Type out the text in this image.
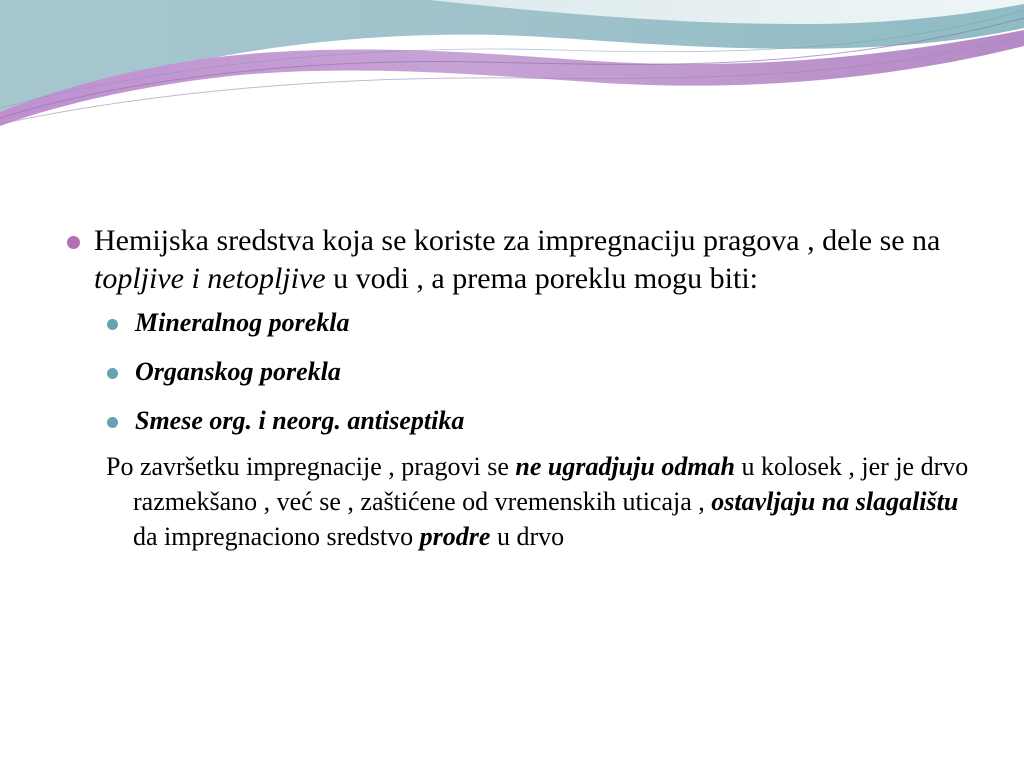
Hemijska sredstva koja se koriste za impregnaciju pragova , dele se na topljive i netopljive u vodi , a prema poreklu mogu biti:

Mineralnog porekla
Organskog porekla
Smese org. i neorg. antiseptika

Po završetku impregnacije , pragovi se ne ugradjuju odmah u kolosek , jer je drvo razmekšano , već se , zaštićene od vremenskih uticaja , ostavljaju na slagalištu da impregnaciono sredstvo prodre u drvo
